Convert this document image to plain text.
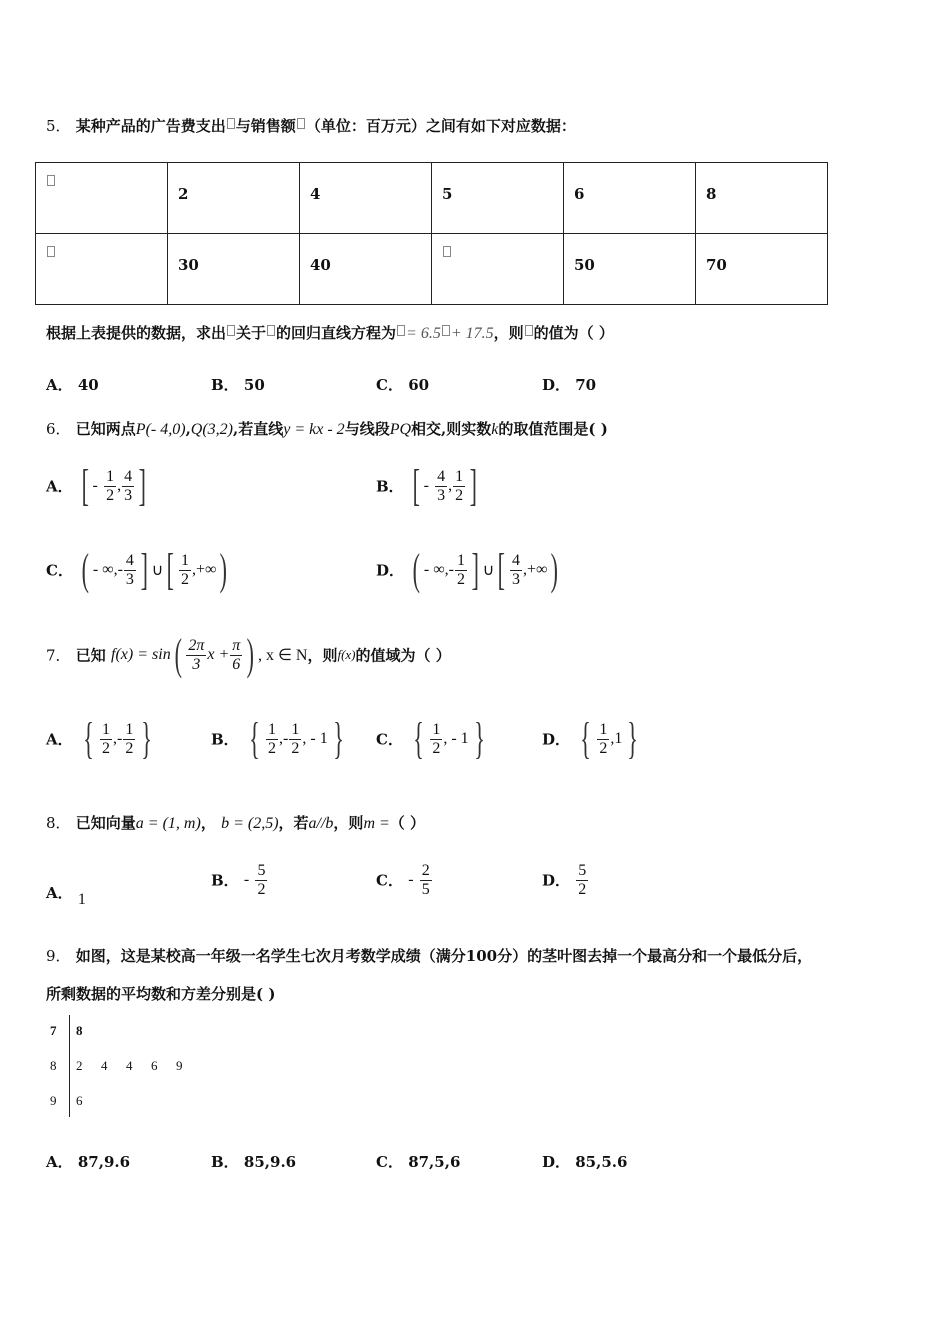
5． 某种产品的广告费支出 与销售额 （单位：百万元）之间有如下对应数据：
	2	4	5	6	8
	30	40		50	70
根据上表提供的数据，求出 关于 的回归直线方程为 = 6.5 + 17.5，则 的值为（ ）
A． 40	B． 50	C． 60	D． 70
6． 已知两点P(- 4,0),Q(3,2),若直线y = kx - 2与线段PQ相交,则实数k的取值范围是( )
A． [ - $\frac{1}{2}$ , $\frac{4}{3}$ ]	B． [ - $\frac{4}{3}$ , $\frac{1}{2}$ ]
C． ( - ∞,- $\frac{4}{3}$ ] ∪[ $\frac{1}{2}$ ,+∞)	D． ( - ∞,- $\frac{1}{2}$ ] ∪[ $\frac{4}{3}$ ,+∞)
7． 已知 $f(x) = \sin( \frac{2\pi}{3}$ $x + \frac{\pi}{6}$ ) , x ∈ N，则f(x)的值域为（ ）
A． { $\frac{1}{2}$ ,- $\frac{1}{2}$ }	B． { $\frac{1}{2}$ ,- $\frac{1}{2}$ , - 1 }	C． { $\frac{1}{2}$ , - 1 }	D． { $\frac{1}{2} ,1$ }
8． 已知向量a = (1, m)， b = (2,5)，若a//b，则m =（ ）
A． 1
B． - $\frac{5}{2}$	C． - $\frac{2}{5}$	D． $\frac{5}{2}$
9． 如图，这是某校高一年级一名学生七次月考数学成绩（满分100分）的茎叶图去掉一个最高分和一个最低分后，
所剩数据的平均数和方差分别是( )
7 8
8 2 4 4 6 9
9 6
A． 87,9.6	B． 85,9.6	C． 87,5,6	D． 85,5.6
